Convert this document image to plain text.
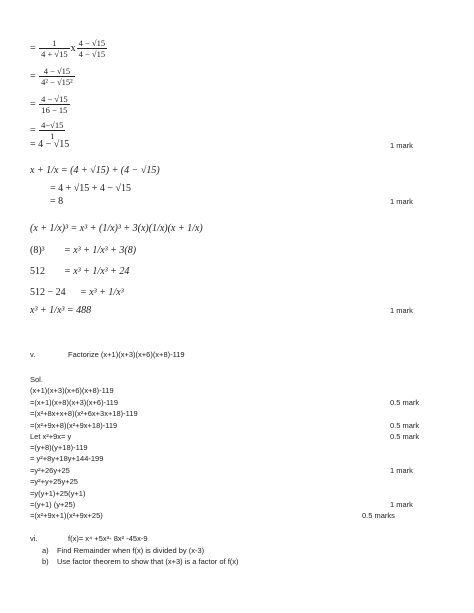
= $\frac{1}{4 + √15}$ x $\frac{4 - √15}{4 - √15}$
= $\frac{4 - √15}{\text{4² − √15²}}$
= $\frac{4 - √15}{16 - 15}$
= $\frac{4-√15}{1}$
= 4 − √15	1 mark
x + 1/x = (4 + √15) + (4 − √15)
= 4 + √15 + 4 − √15
= 8	1 mark
(x + 1/x)³ = x³ + (1/x)³ + 3(x)(1/x)(x + 1/x)
(8)³ = x³ + 1/x³ + 3(8)
512 = x³ + 1/x³ + 24
512 − 24 = x³ + 1/x³
x³ + 1/x³ = 488	1 mark
v.	Factorize (x+1)(x+3)(x+6)(x+8)-119
Sol.
(x+1)(x+3)(x+6)(x+8)-119
=(x+1)(x+8)(x+3)(x+6)-119	0.5 mark
=(x²+8x+x+8)(x²+6x+3x+18)-119
=(x²+9x+8)(x²+9x+18)-119	0.5 mark
Let x²+9x= y	0.5 mark
=(y+8)(y+18)-119
= y²+8y+18y+144-199
=y²+26y+25	1 mark
=y²+y+25y+25
=y(y+1)+25(y+1)
=(y+1) (y+25)	1 mark
=(x²+9x+1)(x²+9x+25)	0.5 marks
vi.	f(x)= x⁴ +5x³- 8x² -45x-9
a) Find Remainder when f(x) is divided by (x-3)
b) Use factor theorem to show that (x+3) is a factor of f(x)
